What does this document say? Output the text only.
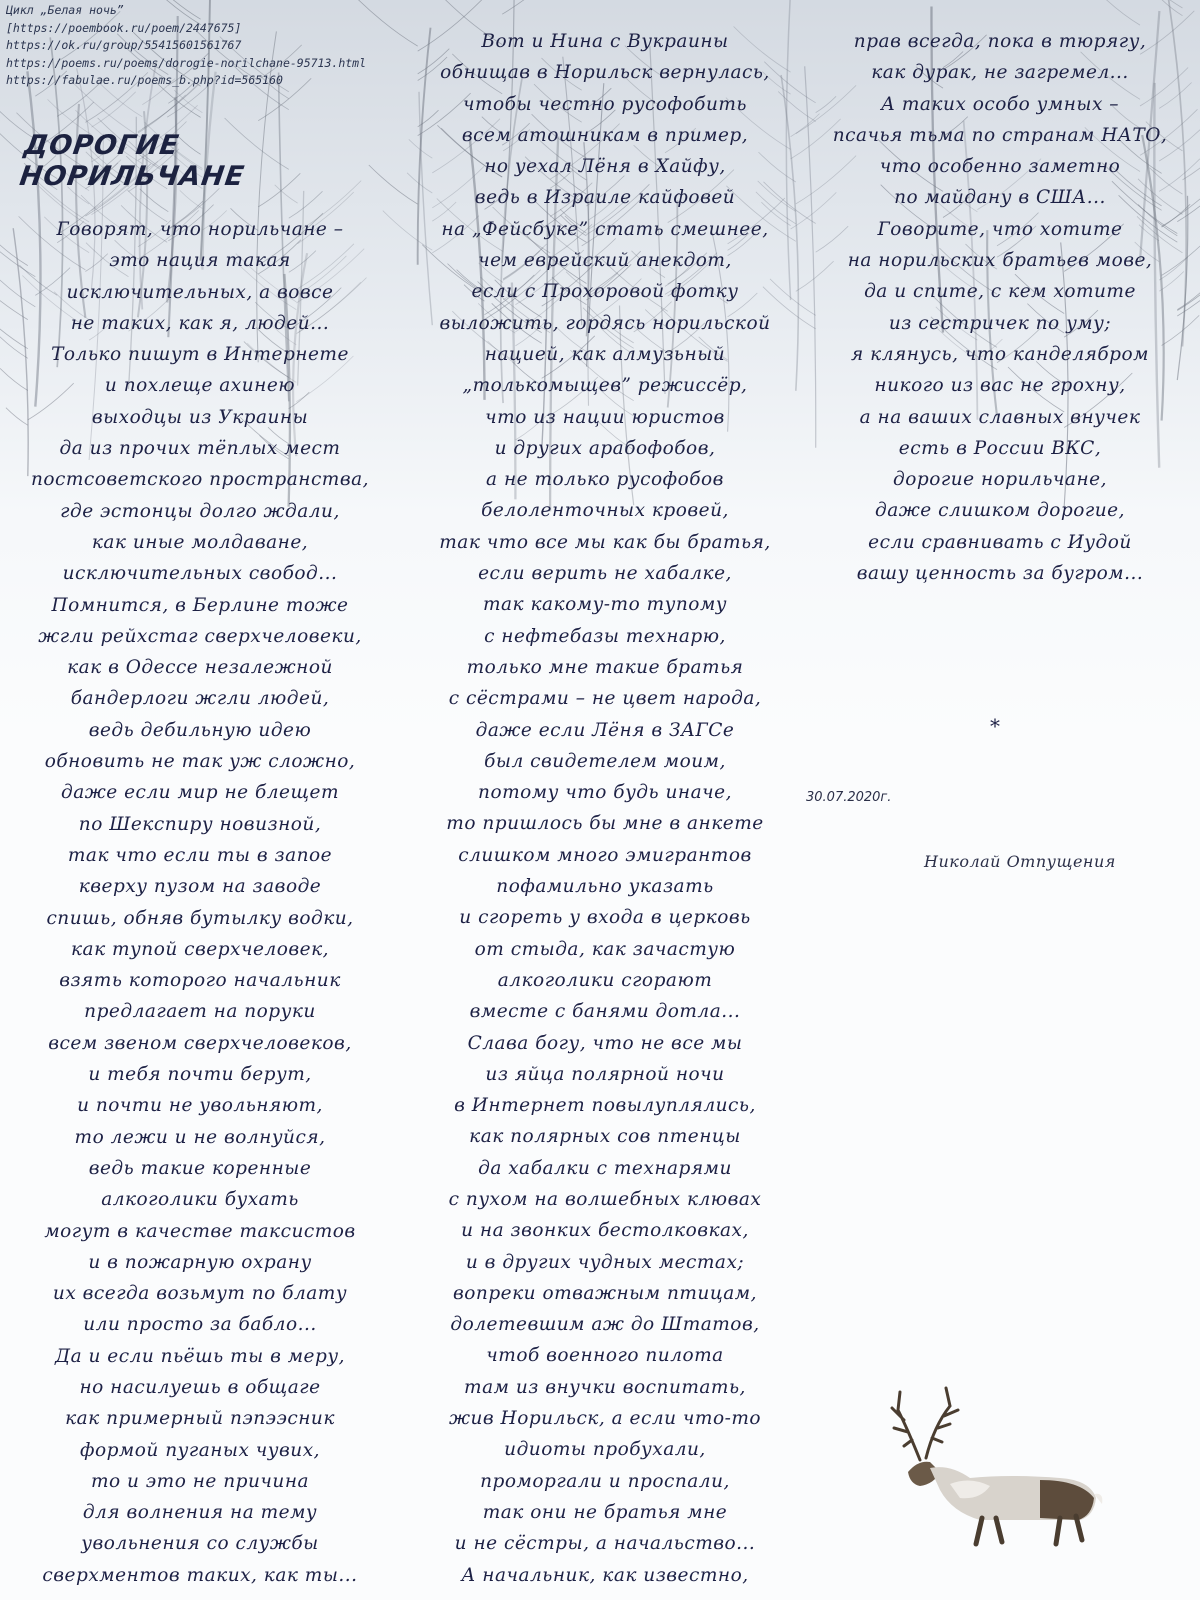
Цикл „Белая ночь”
[https://poembook.ru/poem/2447675]
https://ok.ru/group/55415601561767
https://poems.ru/poems/dorogie-norilchane-95713.html
https://fabulae.ru/poems_b.php?id=565160
ДОРОГИЕ НОРИЛЬЧАНЕ
Говорят, что норильчане –
это нация такая
исключительных, а вовсе
не таких, как я, людей...
Только пишут в Интернете
и похлеще ахинею
выходцы из Украины
да из прочих тёплых мест
постсоветского пространства,
где эстонцы долго ждали,
как иные молдаване,
исключительных свобод...
Помнится, в Берлине тоже
жгли рейхстаг сверхчеловеки,
как в Одессе незалежной
бандерлоги жгли людей,
ведь дебильную идею
обновить не так уж сложно,
даже если мир не блещет
по Шекспиру новизной,
так что если ты в запое
кверху пузом на заводе
спишь, обняв бутылку водки,
как тупой сверхчеловек,
взять которого начальник
предлагает на поруки
всем звеном сверхчеловеков,
и тебя почти берут,
и почти не увольняют,
то лежи и не волнуйся,
ведь такие коренные
алкоголики бухать
могут в качестве таксистов
и в пожарную охрану
их всегда возьмут по блату
или просто за бабло...
Да и если пьёшь ты в меру,
но насилуешь в общаге
как примерный пэпээсник
формой пуганых чувих,
то и это не причина
для волнения на тему
увольнения со службы
сверхментов таких, как ты...
Вот и Нина с Вукраины
обнищав в Норильск вернулась,
чтобы честно русофобить
всем атошникам в пример,
но уехал Лёня в Хайфу,
ведь в Израиле кайфовей
на „Фейсбуке” стать смешнее,
чем еврейский анекдот,
если с Прохоровой фотку
выложить, гордясь норильской
нацией, как алмузьный
„толькомыщев” режиссёр,
что из нации юристов
и других арабофобов,
а не только русофобов
белоленточных кровей,
так что все мы как бы братья,
если верить не хабалке,
так какому-то тупому
с нефтебазы технарю,
только мне такие братья
с сёстрами – не цвет народа,
даже если Лёня в ЗАГСе
был свидетелем моим,
потому что будь иначе,
то пришлось бы мне в анкете
слишком много эмигрантов
пофамильно указать
и сгореть у входа в церковь
от стыда, как зачастую
алкоголики сгорают
вместе с банями дотла...
Слава богу, что не все мы
из яйца полярной ночи
в Интернет повылуплялись,
как полярных сов птенцы
да хабалки с технарями
с пухом на волшебных клювах
и на звонких бестолковках,
и в других чудных местах;
вопреки отважным птицам,
долетевшим аж до Штатов,
чтоб военного пилота
там из внучки воспитать,
жив Норильск, а если что-то
идиоты пробухали,
проморгали и проспали,
так они не братья мне
и не сёстры, а начальство...
А начальник, как известно,
прав всегда, пока в тюрягу,
как дурак, не загремел...
А таких особо умных –
псачья тьма по странам НАТО,
что особенно заметно
по майдану в США...
Говорите, что хотите
на норильских братьев мове,
да и спите, с кем хотите
из сестричек по уму;
я клянусь, что канделябром
никого из вас не грохну,
а на ваших славных внучек
есть в России ВКС,
дорогие норильчане,
даже слишком дорогие,
если сравнивать с Иудой
вашу ценность за бугром...
*
30.07.2020г.
Николай Отпущения
